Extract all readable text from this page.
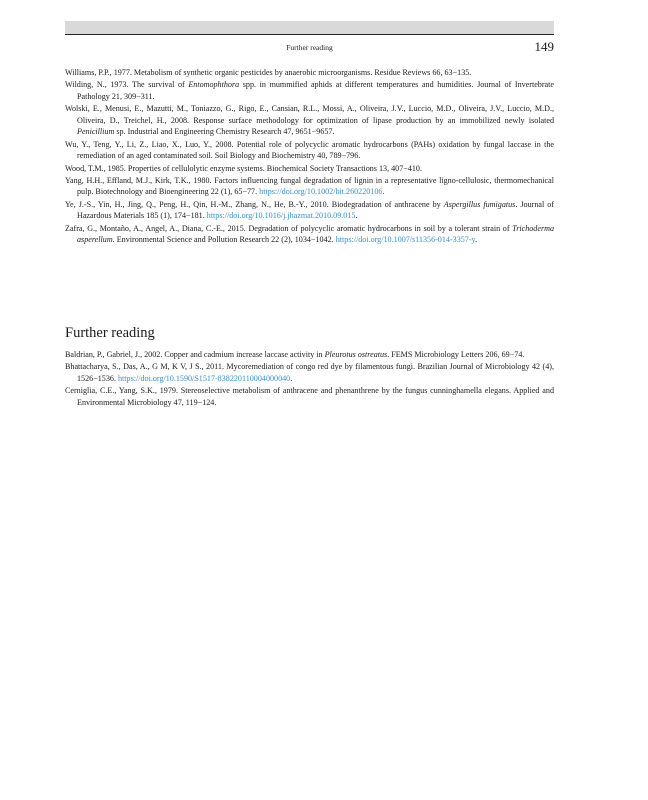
Further reading	149
Williams, P.P., 1977. Metabolism of synthetic organic pesticides by anaerobic microorganisms. Residue Reviews 66, 63−135.
Wilding, N., 1973. The survival of Entomophthora spp. in mummified aphids at different temperatures and humidities. Journal of Invertebrate Pathology 21, 309−311.
Wolski, E., Menusi, E., Mazutti, M., Toniazzo, G., Rigo, E., Cansian, R.L., Mossi, A., Oliveira, J.V., Luccio, M.D., Oliveira, J.V., Luccio, M.D., Oliveira, D., Treichel, H., 2008. Response surface methodology for optimization of lipase production by an immobilized newly isolated Penicillium sp. Industrial and Engineering Chemistry Research 47, 9651−9657.
Wu, Y., Teng, Y., Li, Z., Liao, X., Luo, Y., 2008. Potential role of polycyclic aromatic hydrocarbons (PAHs) oxidation by fungal laccase in the remediation of an aged contaminated soil. Soil Biology and Biochemistry 40, 789−796.
Wood, T.M., 1985. Properties of cellulolytic enzyme systems. Biochemical Society Transactions 13, 407−410.
Yang, H.H., Effland, M.J., Kirk, T.K., 1980. Factors influencing fungal degradation of lignin in a representative ligno-cellulosic, thermomechanical pulp. Biotechnology and Bioengineering 22 (1), 65−77. https://doi.org/10.1002/bit.260220106.
Ye, J.-S., Yin, H., Jing, Q., Peng, H., Qin, H.-M., Zhang, N., He, B.-Y., 2010. Biodegradation of anthracene by Aspergillus fumigatus. Journal of Hazardous Materials 185 (1), 174−181. https://doi.org/10.1016/j.jhazmat.2010.09.015.
Zafra, G., Montaño, A., Angel, A., Diana, C.-E., 2015. Degradation of polycyclic aromatic hydrocarbons in soil by a tolerant strain of Trichoderma asperellum. Environmental Science and Pollution Research 22 (2), 1034−1042. https://doi.org/10.1007/s11356-014-3357-y.
Further reading
Baldrian, P., Gabriel, J., 2002. Copper and cadmium increase laccase activity in Pleurotus ostreatus. FEMS Microbiology Letters 206, 69−74.
Bhattacharya, S., Das, A., G M, K V, J S., 2011. Mycoremediation of congo red dye by filamentous fungi. Brazilian Journal of Microbiology 42 (4), 1526−1536. https://doi.org/10.1590/S1517-838220110004000040.
Cerniglia, C.E., Yang, S.K., 1979. Stereoselective metabolism of anthracene and phenanthrene by the fungus cunninghamella elegans. Applied and Environmental Microbiology 47, 119−124.
